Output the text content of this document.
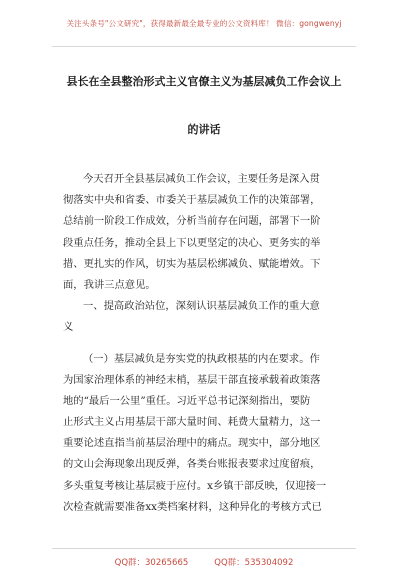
关注头条号"公文研究"，获得最新最全最专业的公文资料库！ 微信：gongwenyj
县长在全县整治形式主义官僚主义为基层减负工作会议上
的讲话
今天召开全县基层减负工作会议，主要任务是深入贯
彻落实中央和省委、市委关于基层减负工作的决策部署，
总结前一阶段工作成效，分析当前存在问题，部署下一阶
段重点任务，推动全县上下以更坚定的决心、更务实的举
措、更扎实的作风，切实为基层松绑减负、赋能增效。下
面，我讲三点意见。
一、提高政治站位，深刻认识基层减负工作的重大意
义
（一）基层减负是夯实党的执政根基的内在要求。作
为国家治理体系的神经末梢，基层干部直接承载着政策落
地的“最后一公里”重任。习近平总书记深刻指出，要防
止形式主义占用基层干部大量时间、耗费大量精力，这一
重要论述直指当前基层治理中的痛点。现实中，部分地区
的文山会海现象出现反弹，各类台账报表要求过度留痕，
多头重复考核让基层疲于应付。x乡镇干部反映，仅迎接一
次检查就需要准备xx类档案材料，这种异化的考核方式已
QQ群：30265665	QQ群：535304092
